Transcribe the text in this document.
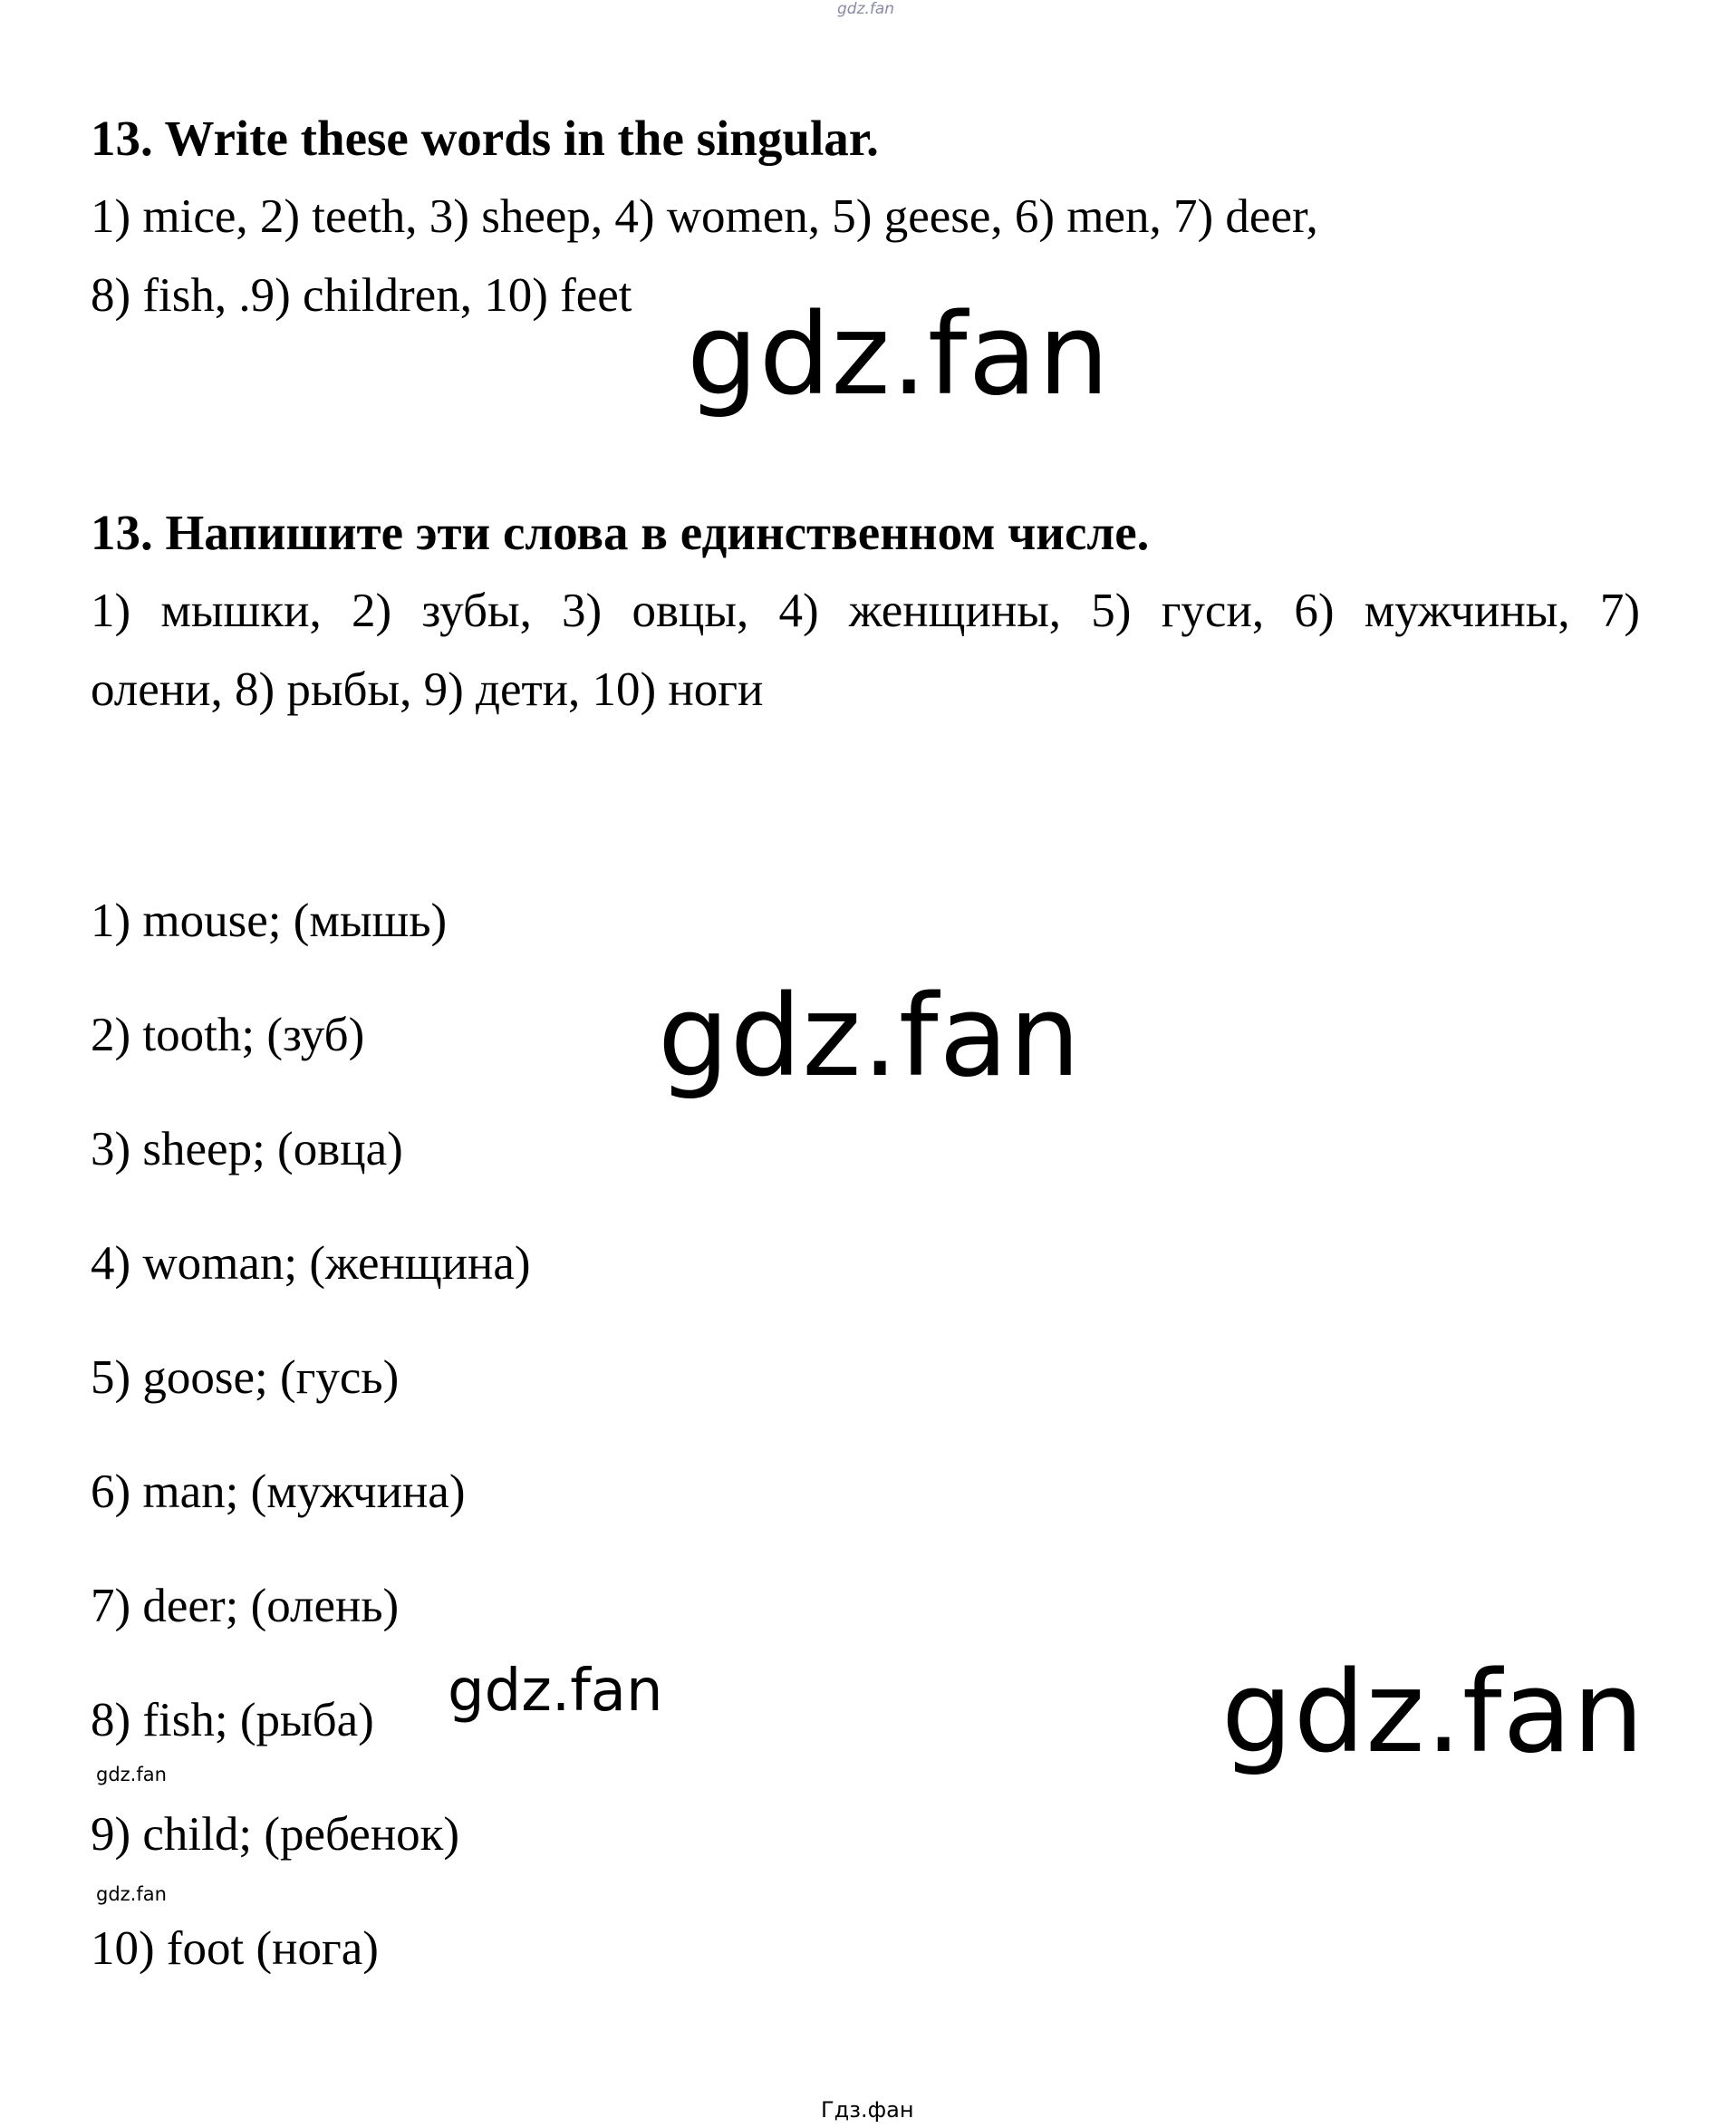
gdz.fan
13. Write these words in the singular.
1) mice, 2) teeth, 3) sheep, 4) women, 5) geese, 6) men, 7) deer,
8) fish, .9) children, 10) feet gdz.fan
13. Напишите эти слова в единственном числе.
1) мышки, 2) зубы, 3) овцы, 4) женщины, 5) гуси, 6) мужчины, 7)
олени, 8) рыбы, 9) дети, 10) ноги
1) mouse; (мышь)
2) tooth; (зуб)
3) sheep; (овца)
4) woman; (женщина)
5) goose; (гусь)
6) man; (мужчина)
7) deer; (олень)
8) fish; (рыба)
9) child; (ребенок)
10) foot (нога)
gdz.fan
gdz.fan	gdz.fan
gdz.fan
gdz.fan
Гдз.фан
